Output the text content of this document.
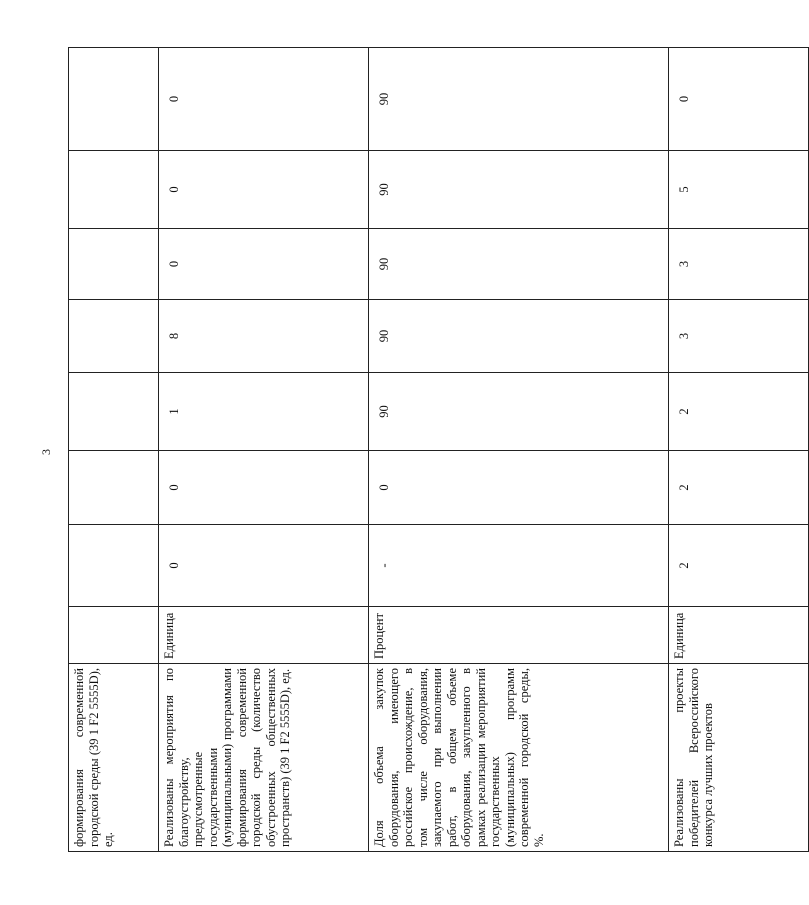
3
формирования современной городской среды (39 1 F2 5555D), ед.								
Реализованы мероприятия по благоустройству, предусмотренные государственными (муниципальными) программами формирования современной городской среды (количество обустроенных общественных пространств) (39 1 F2 5555D), ед.	Единица	0	0	1	8	0	0	0
Доля объема закупок оборудования, имеющего российское происхождение, в том числе оборудования, закупаемого при выполнении работ, в общем объеме оборудования, закупленного в рамках реализации мероприятий государственных (муниципальных) программ современной городской среды, %.	Процент	-	0	90	90	90	90	90
Реализованы проекты победителей Всероссийского конкурса лучших проектов	Единица	2	2	2	3	3	5	0
